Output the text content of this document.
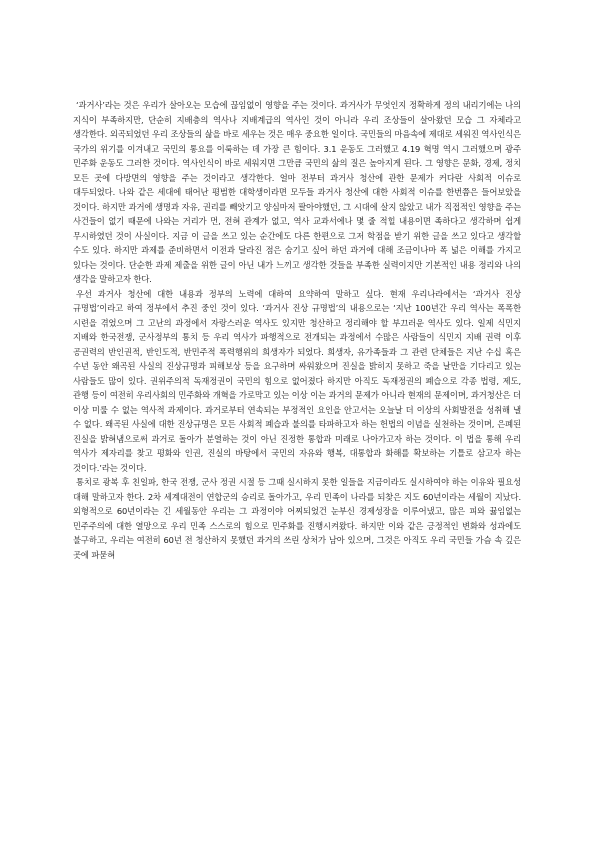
‘과거사’라는 것은 우리가 살아오는 모습에 끊임없이 영향을 주는 것이다. 과거사가 무엇인지 정확하게 정의 내리기에는 나의 지식이 부족하지만, 단순히 지배층의 역사나 지배계급의 역사인 것이 아니라 우리 조상들이 살아왔던 모습 그 자체라고 생각한다. 외곡되었던 우리 조상들의 삶을 바로 세우는 것은 매우 중요한 일이다. 국민들의 마음속에 제대로 세워진 역사인식은 국가의 위기를 이겨내고 국민의 통요를 이룩하는 데 가장 큰 힘이다. 3.1 운동도 그러했고 4.19 혁명 역시 그러했으며 광주 민주화 운동도 그러한 것이다. 역사인식이 바로 세워지면 그만큼 국민의 삶의 질은 높아지게 된다. 그 영향은 문화, 경제, 정치 모든 곳에 다방면의 영향을 주는 것이라고 생각한다. 얼마 전부터 과거사 청산에 관한 문제가 커다란 사회적 이슈로 대두되었다. 나와 같은 세대에 태어난 평범한 대학생이라면 모두들 과거사 청산에 대한 사회적 이슈를 한번쯤은 들어보았을 것이다. 하지만 과거에 생명과 자유, 권리를 빼앗기고 양심마저 팔아야했던, 그 시대에 살지 않았고 내가 직접적인 영향을 주는 사건들이 없기 때문에 나와는 거리가 먼, 전혀 관계가 없고, 역사 교과서에나 몇 줄 적힐 내용이면 족하다고 생각하며 쉽게 무시하였던 것이 사실이다. 지금 이 글을 쓰고 있는 순간에도 다른 한편으로 그저 학점을 받기 위한 글을 쓰고 있다고 생각할 수도 있다. 하지만 과제를 준비하면서 이전과 달라진 점은 숨기고 싶어 하던 과거에 대해 조금이나마 폭 넓은 이해를 가지고 있다는 것이다. 단순한 과제 제출을 위한 글이 아닌 내가 느끼고 생각한 것들을 부족한 실력이지만 기본적인 내용 정리와 나의 생각을 말하고자 한다.

우선 과거사 청산에 대한 내용과 정부의 노력에 대하여 요약하여 말하고 싶다. 현재 우리나라에서는 ‘과거사 진상 규명법’이라고 하여 정부에서 추진 중인 것이 있다. ‘과거사 진상 규명법’의 내용으로는 ‘지난 100년간 우리 역사는 폭폭한 시련을 겪었으며 그 고난의 과정에서 자랑스러운 역사도 있지만 청산하고 정리해야 할 부끄러운 역사도 있다. 일제 식민지 지배와 한국전쟁, 군사정부의 통치 등 우리 역사가 파행적으로 전개되는 과정에서 수많은 사람들이 식민지 지배 권력 이후 공권력의 반인권적, 반인도적, 반민주적 폭력행위의 희생자가 되었다. 희생자, 유가족들과 그 관련 단체들은 지난 수십 혹은 수년 동안 왜곡된 사실의 진상규명과 피해보상 등을 요구하며 싸워왔으며 진실을 밝히지 못하고 죽을 날만을 기다리고 있는 사람들도 많이 있다. 권위주의적 독재정권이 국민의 힘으로 없어졌다 하지만 아직도 독재정권의 폐습으로 각종 법령, 제도, 관행 등이 여전히 우리사회의 민주화와 개혁을 가로막고 있는 이상 이는 과거의 문제가 아니라 현재의 문제이며, 과거청산은 더 이상 미룰 수 없는 역사적 과제이다. 과거로부터 연속되는 부정적인 요인을 안고서는 오늘날 더 이상의 사회발전을 성취해 낼 수 없다. 왜곡된 사실에 대한 진상규명은 모든 사회적 폐습과 불의를 타파하고자 하는 헌법의 이념을 실천하는 것이며, 은폐된 진실을 밝혀냄으로써 과거로 돌아가 분열하는 것이 아닌 진정한 통합과 미래로 나아가고자 하는 것이다. 이 법을 통해 우리 역사가 제자리를 찾고 평화와 인권, 진실의 바탕에서 국민의 자유와 행복, 대통합과 화해를 확보하는 기틀로 삼고자 하는 것이다.’라는 것이다.

통치로 광복 후 친일파, 한국 전쟁, 군사 정권 시절 등 그때 실시하지 못한 일들을 지금이라도 실시하여야 하는 이유와 필요성 대해 말하고자 한다. 2차 세계대전이 연합군의 승리로 돌아가고, 우리 민족이 나라를 되찾은 지도 60년이라는 세월이 지났다. 외형적으로 60년이라는 긴 세월동안 우리는 그 과정이야 어찌되었건 눈부신 경제성장을 이루어냈고, 많은 피와 뀷임없는 민주주의에 대한 열망으로 우리 민족 스스로의 힘으로 민주화를 진행시켜왔다. 하지만 이와 같은 긍정적인 변화와 성과에도 불구하고, 우리는 여전히 60년 전 청산하지 못했던 과거의 쓰린 상처가 남아 있으며, 그것은 아직도 우리 국민들 가슴 속 깊은 곳에 파묻혀
